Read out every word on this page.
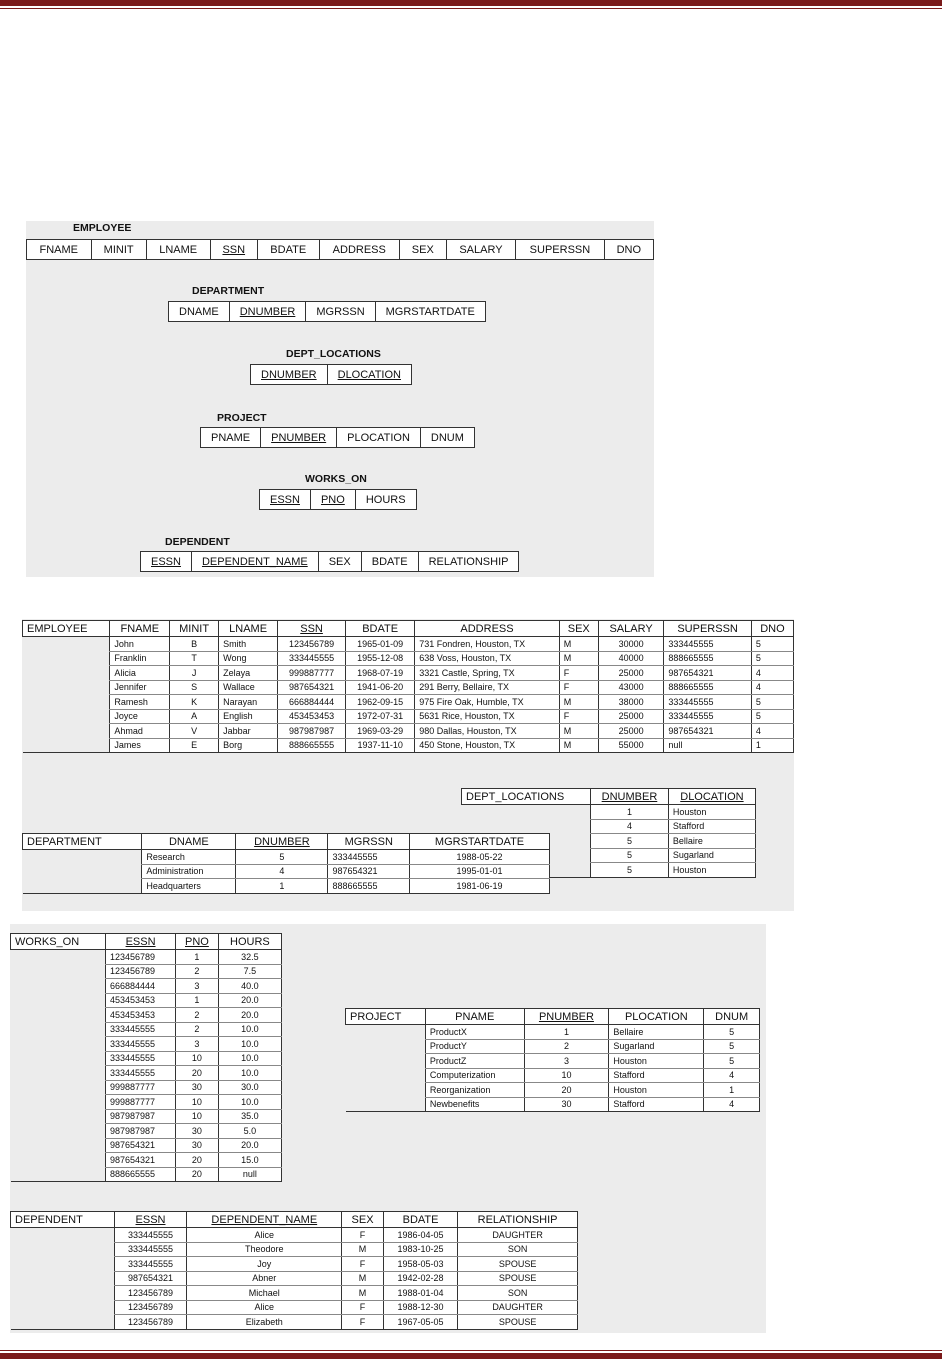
EMPLOYEE
FNAME	MINIT	LNAME	SSN	BDATE	ADDRESS	SEX	SALARY	SUPERSSN	DNO
DEPARTMENT
DNAME	DNUMBER	MGRSSN	MGRSTARTDATE
DEPT_LOCATIONS
DNUMBER	DLOCATION
PROJECT
PNAME	PNUMBER	PLOCATION	DNUM
WORKS_ON
ESSN	PNO	HOURS
DEPENDENT
ESSN	DEPENDENT_NAME	SEX	BDATE	RELATIONSHIP
EMPLOYEE	FNAME	MINIT	LNAME	SSN	BDATE	ADDRESS	SEX	SALARY	SUPERSSN	DNO
	John	B	Smith	123456789	1965-01-09	731 Fondren, Houston, TX	M	30000	333445555	5
	Franklin	T	Wong	333445555	1955-12-08	638 Voss, Houston, TX	M	40000	888665555	5
	Alicia	J	Zelaya	999887777	1968-07-19	3321 Castle, Spring, TX	F	25000	987654321	4
	Jennifer	S	Wallace	987654321	1941-06-20	291 Berry, Bellaire, TX	F	43000	888665555	4
	Ramesh	K	Narayan	666884444	1962-09-15	975 Fire Oak, Humble, TX	M	38000	333445555	5
	Joyce	A	English	453453453	1972-07-31	5631 Rice, Houston, TX	F	25000	333445555	5
	Ahmad	V	Jabbar	987987987	1969-03-29	980 Dallas, Houston, TX	M	25000	987654321	4
	James	E	Borg	888665555	1937-11-10	450 Stone, Houston, TX	M	55000	null	1
DEPT_LOCATIONS	DNUMBER	DLOCATION
	1	Houston
	4	Stafford
	5	Bellaire
	5	Sugarland
	5	Houston
DEPARTMENT	DNAME	DNUMBER	MGRSSN	MGRSTARTDATE
	Research	5	333445555	1988-05-22
	Administration	4	987654321	1995-01-01
	Headquarters	1	888665555	1981-06-19
WORKS_ON	ESSN	PNO	HOURS
	123456789	1	32.5
	123456789	2	7.5
	666884444	3	40.0
	453453453	1	20.0
	453453453	2	20.0
	333445555	2	10.0
	333445555	3	10.0
	333445555	10	10.0
	333445555	20	10.0
	999887777	30	30.0
	999887777	10	10.0
	987987987	10	35.0
	987987987	30	5.0
	987654321	30	20.0
	987654321	20	15.0
	888665555	20	null
PROJECT	PNAME	PNUMBER	PLOCATION	DNUM
	ProductX	1	Bellaire	5
	ProductY	2	Sugarland	5
	ProductZ	3	Houston	5
	Computerization	10	Stafford	4
	Reorganization	20	Houston	1
	Newbenefits	30	Stafford	4
DEPENDENT	ESSN	DEPENDENT_NAME	SEX	BDATE	RELATIONSHIP
	333445555	Alice	F	1986-04-05	DAUGHTER
	333445555	Theodore	M	1983-10-25	SON
	333445555	Joy	F	1958-05-03	SPOUSE
	987654321	Abner	M	1942-02-28	SPOUSE
	123456789	Michael	M	1988-01-04	SON
	123456789	Alice	F	1988-12-30	DAUGHTER
	123456789	Elizabeth	F	1967-05-05	SPOUSE
